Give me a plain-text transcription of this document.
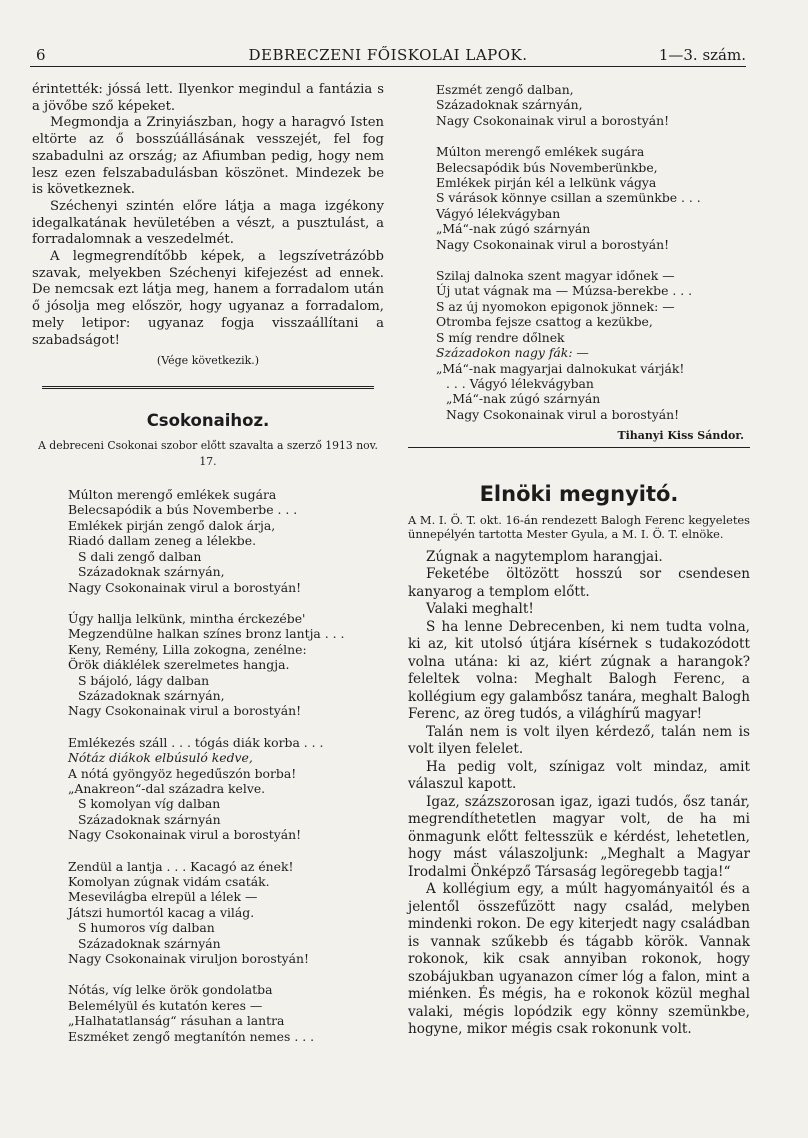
6	DEBRECZENI FŐISKOLAI LAPOK.	1—3. szám.

érintették: jóssá lett. Ilyenkor megindul a fantázia s a jövőbe sző képeket.

Megmondja a Zrinyiászban, hogy a haragvó Isten eltörte az ő bosszúállásának vesszejét, fel fog szabadulni az ország; az Afiumban pedig, hogy nem lesz ezen felszabadulásban köszönet. Mindezek be is következnek.

Széchenyi szintén előre látja a maga izgékony idegalkatának hevületében a vészt, a pusztulást, a forradalomnak a veszedelmét.

A legmegrendítőbb képek, a legszívetrázóbb szavak, melyekben Széchenyi kifejezést ad ennek. De nemcsak ezt látja meg, hanem a forradalom után ő jósolja meg először, hogy ugyanaz a forradalom, mely letipor: ugyanaz fogja visszaállítani a szabadságot!

(Vége következik.)
Csokonaihoz.
A debreceni Csokonai szobor előtt szavalta a szerző 1913 nov. 17.
Múlton merengő emlékek sugára
Belecsapódik a bús Novemberbe . . .
Emlékek pirján zengő dalok árja,
Riadó dallam zeneg a lélekbe.
S dali zengő dalban
Századoknak szárnyán,
Nagy Csokonainak virul a borostyán!
Úgy hallja lelkünk, mintha érckezébe'
Megzendülne halkan színes bronz lantja . . .
Keny, Remény, Lilla zokogna, zenélne:
Örök diáklélek szerelmetes hangja.
S bájoló, lágy dalban
Századoknak szárnyán,
Nagy Csokonainak virul a borostyán!
Emlékezés száll . . . tógás diák korba . . .
Nótáz diákok elbúsuló kedve,
A nótá gyöngyöz hegedűszón borba!
„Anakreon“-dal századra kelve.
S komolyan víg dalban
Századoknak szárnyán
Nagy Csokonainak virul a borostyán!
Zendül a lantja . . . Kacagó az ének!
Komolyan zúgnak vidám csaták.
Mesevilágba elrepül a lélek —
Játszi humortól kacag a világ.
S humoros víg dalban
Századoknak szárnyán
Nagy Csokonainak viruljon borostyán!
Nótás, víg lelke örök gondolatba
Belemélyül és kutatón keres —
„Halhatatlanság“ rásuhan a lantra
Eszméket zengő megtanítón nemes . . .
Eszmét zengő dalban,
Századoknak szárnyán,
Nagy Csokonainak virul a borostyán!
Múlton merengő emlékek sugára
Belecsapódik bús Novemberünkbe,
Emlékek pirján kél a lelkünk vágya
S várások könnye csillan a szemünkbe . . .
Vágyó lélekvágyban
„Má“-nak zúgó szárnyán
Nagy Csokonainak virul a borostyán!
Szilaj dalnoka szent magyar időnek —
Új utat vágnak ma — Múzsa-berekbe . . .
S az új nyomokon epigonok jönnek: —
Otromba fejsze csattog a kezükbe,
S míg rendre dőlnek
Századokon nagy fák: —
„Má“-nak magyarjai dalnokukat várják!
. . . Vágyó lélekvágyban
„Má“-nak zúgó szárnyán
Nagy Csokonainak virul a borostyán!
Tihanyi Kiss Sándor.
Elnöki megnyitó.
A M. I. Ö. T. okt. 16-án rendezett Balogh Ferenc kegyeletes ünnepélyén tartotta Mester Gyula, a M. I. Ö. T. elnöke.

Zúgnak a nagytemplom harangjai.

Feketébe öltözött hosszú sor csendesen kanyarog a templom előtt.

Valaki meghalt!

S ha lenne Debrecenben, ki nem tudta volna, ki az, kit utolsó útjára kísérnek s tudakozódott volna utána: ki az, kiért zúgnak a harangok? feleltek volna: Meghalt Balogh Ferenc, a kollégium egy galambősz tanára, meghalt Balogh Ferenc, az öreg tudós, a világhírű magyar!

Talán nem is volt ilyen kérdező, talán nem is volt ilyen felelet.

Ha pedig volt, színigaz volt mindaz, amit válaszul kapott.

Igaz, százszorosan igaz, igazi tudós, ősz tanár, megrendíthetetlen magyar volt, de ha mi önmagunk előtt feltesszük e kérdést, lehetetlen, hogy mást válaszoljunk: „Meghalt a Magyar Irodalmi Önképző Társaság legöregebb tagja!“

A kollégium egy, a múlt hagyományaitól és a jelentől összefűzött nagy család, melyben mindenki rokon. De egy kiterjedt nagy családban is vannak szűkebb és tágabb körök. Vannak rokonok, kik csak annyiban rokonok, hogy szobájukban ugyanazon címer lóg a falon, mint a miénken. És mégis, ha e rokonok közül meghal valaki, mégis lopódzik egy könny szemünkbe, hogyne, mikor mégis csak rokonunk volt.
